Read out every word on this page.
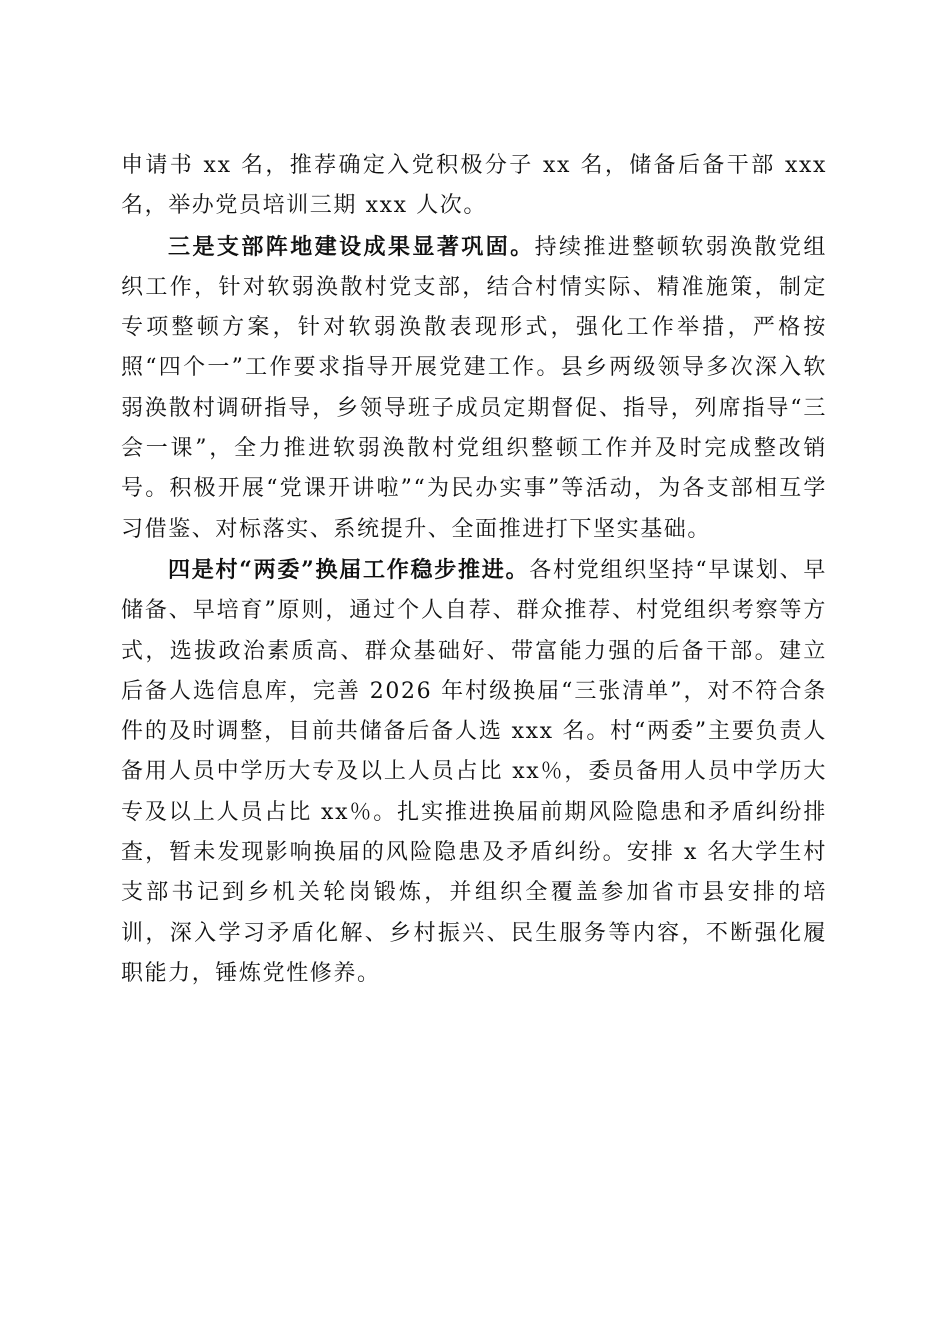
申请书 xx 名，推荐确定入党积极分子 xx 名，储备后备干部 xxx 名，举办党员培训三期 xxx 人次。

三是支部阵地建设成果显著巩固。持续推进整顿软弱涣散党组织工作，针对软弱涣散村党支部，结合村情实际、精准施策，制定专项整顿方案，针对软弱涣散表现形式，强化工作举措，严格按照“四个一”工作要求指导开展党建工作。县乡两级领导多次深入软弱涣散村调研指导，乡领导班子成员定期督促、指导，列席指导“三会一课”，全力推进软弱涣散村党组织整顿工作并及时完成整改销号。积极开展“党课开讲啦”“为民办实事”等活动，为各支部相互学习借鉴、对标落实、系统提升、全面推进打下坚实基础。

四是村“两委”换届工作稳步推进。各村党组织坚持“早谋划、早储备、早培育”原则，通过个人自荐、群众推荐、村党组织考察等方式，选拔政治素质高、群众基础好、带富能力强的后备干部。建立后备人选信息库，完善 2026 年村级换届“三张清单”，对不符合条件的及时调整，目前共储备后备人选 xxx 名。村“两委”主要负责人备用人员中学历大专及以上人员占比 xx％，委员备用人员中学历大专及以上人员占比 xx％。扎实推进换届前期风险隐患和矛盾纠纷排查，暂未发现影响换届的风险隐患及矛盾纠纷。安排 x 名大学生村支部书记到乡机关轮岗锻炼，并组织全覆盖参加省市县安排的培训，深入学习矛盾化解、乡村振兴、民生服务等内容，不断强化履职能力，锤炼党性修养。
